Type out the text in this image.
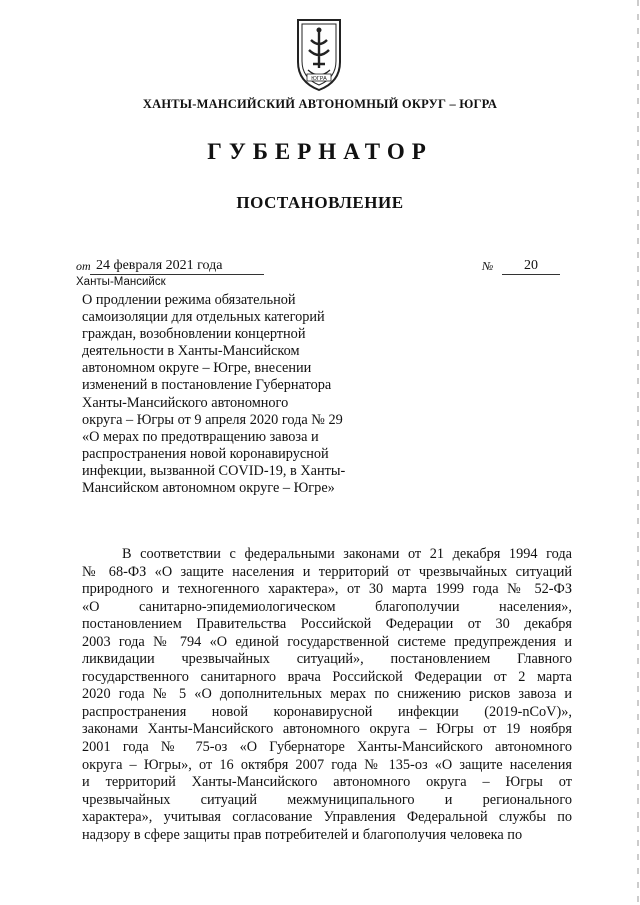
ЮГРА
ХАНТЫ-МАНСИЙСКИЙ АВТОНОМНЫЙ ОКРУГ – ЮГРА
ГУБЕРНАТОР
ПОСТАНОВЛЕНИЕ
от 24 февраля 2021 года	№	20
Ханты-Мансийск
О продлении режима обязательной
самоизоляции для отдельных категорий
граждан, возобновлении концертной
деятельности в Ханты-Мансийском
автономном округе – Югре, внесении
изменений в постановление Губернатора
Ханты-Мансийского автономного
округа – Югры от 9 апреля 2020 года № 29
«О мерах по предотвращению завоза и
распространения новой коронавирусной
инфекции, вызванной COVID-19, в Ханты-
Мансийском автономном округе – Югре»
В соответствии с федеральными законами от 21 декабря 1994 года
№ 68-ФЗ «О защите населения и территорий от чрезвычайных ситуаций
природного и техногенного характера», от 30 марта 1999 года № 52-ФЗ
«О санитарно-эпидемиологическом благополучии населения»,
постановлением Правительства Российской Федерации от 30 декабря
2003 года № 794 «О единой государственной системе предупреждения и
ликвидации чрезвычайных ситуаций», постановлением Главного
государственного санитарного врача Российской Федерации от 2 марта
2020 года № 5 «О дополнительных мерах по снижению рисков завоза и
распространения новой коронавирусной инфекции (2019-nCoV)»,
законами Ханты-Мансийского автономного округа – Югры от 19 ноября
2001 года № 75-оз «О Губернаторе Ханты-Мансийского автономного
округа – Югры», от 16 октября 2007 года № 135-оз «О защите населения
и территорий Ханты-Мансийского автономного округа – Югры от
чрезвычайных ситуаций межмуниципального и регионального
характера», учитывая согласование Управления Федеральной службы по
надзору в сфере защиты прав потребителей и благополучия человека по
